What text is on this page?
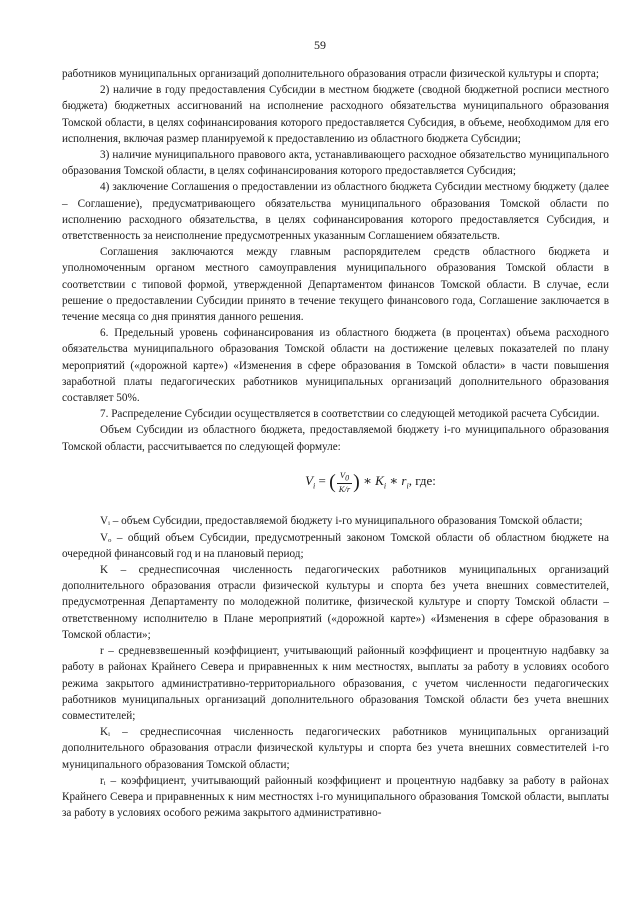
59

работников муниципальных организаций дополнительного образования отрасли физической культуры и спорта;

2) наличие в году предоставления Субсидии в местном бюджете (сводной бюджетной росписи местного бюджета) бюджетных ассигнований на исполнение расходного обязательства муниципального образования Томской области, в целях софинансирования которого предоставляется Субсидия, в объеме, необходимом для его исполнения, включая размер планируемой к предоставлению из областного бюджета Субсидии;

3) наличие муниципального правового акта, устанавливающего расходное обязательство муниципального образования Томской области, в целях софинансирования которого предоставляется Субсидия;

4) заключение Соглашения о предоставлении из областного бюджета Субсидии местному бюджету (далее – Соглашение), предусматривающего обязательства муниципального образования Томской области по исполнению расходного обязательства, в целях софинансирования которого предоставляется Субсидия, и ответственность за неисполнение предусмотренных указанным Соглашением обязательств.

Соглашения заключаются между главным распорядителем средств областного бюджета и уполномоченным органом местного самоуправления муниципального образования Томской области в соответствии с типовой формой, утвержденной Департаментом финансов Томской области. В случае, если решение о предоставлении Субсидии принято в течение текущего финансового года, Соглашение заключается в течение месяца со дня принятия данного решения.

6. Предельный уровень софинансирования из областного бюджета (в процентах) объема расходного обязательства муниципального образования Томской области на достижение целевых показателей по плану мероприятий («дорожной карте») «Изменения в сфере образования в Томской области» в части повышения заработной платы педагогических работников муниципальных организаций дополнительного образования составляет 50%.

7. Распределение Субсидии осуществляется в соответствии со следующей методикой расчета Субсидии.

Объем Субсидии из областного бюджета, предоставляемой бюджету i-го муниципального образования Томской области, рассчитывается по следующей формуле:

$V_i$ = ( $\frac{V_0}{K/r}$ ) ∗ $K_i$ ∗ $r_i$, где:

Vᵢ – объем Субсидии, предоставляемой бюджету i-го муниципального образования Томской области;

Vₒ – общий объем Субсидии, предусмотренный законом Томской области об областном бюджете на очередной финансовый год и на плановый период;

K – среднесписочная численность педагогических работников муниципальных организаций дополнительного образования отрасли физической культуры и спорта без учета внешних совместителей, предусмотренная Департаменту по молодежной политике, физической культуре и спорту Томской области – ответственному исполнителю в Плане мероприятий («дорожной карте») «Изменения в сфере образования в Томской области»;

r – средневзвешенный коэффициент, учитывающий районный коэффициент и процентную надбавку за работу в районах Крайнего Севера и приравненных к ним местностях, выплаты за работу в условиях особого режима закрытого административно-территориального образования, с учетом численности педагогических работников муниципальных организаций дополнительного образования Томской области без учета внешних совместителей;

Kᵢ – среднесписочная численность педагогических работников муниципальных организаций дополнительного образования отрасли физической культуры и спорта без учета внешних совместителей i-го муниципального образования Томской области;

rᵢ – коэффициент, учитывающий районный коэффициент и процентную надбавку за работу в районах Крайнего Севера и приравненных к ним местностях i-го муниципального образования Томской области, выплаты за работу в условиях особого режима закрытого административно-
